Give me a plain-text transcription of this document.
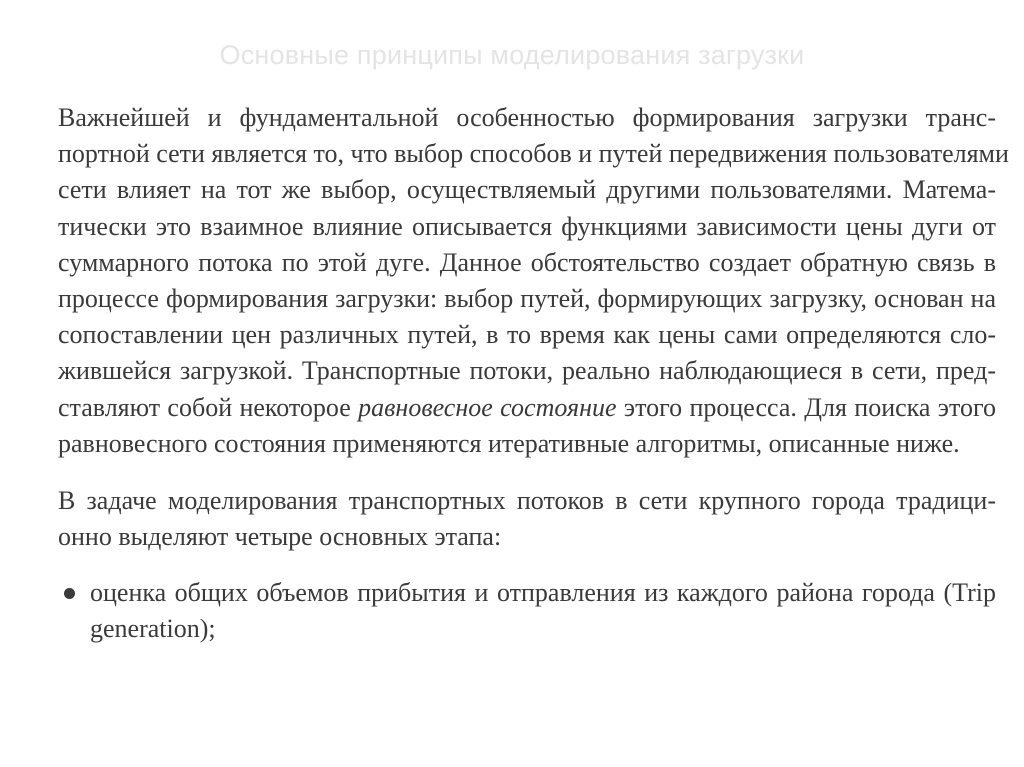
Основные принципы моделирования загрузки
Важнейшей и фундаментальной особенностью формирования загрузки транс-
портной сети является то, что выбор способов и путей передвижения пользователями
сети влияет на тот же выбор, осуществляемый другими пользователями. Матема-
тически это взаимное влияние описывается функциями зависимости цены дуги от
суммарного потока по этой дуге. Данное обстоятельство создает обратную связь в
процессе формирования загрузки: выбор путей, формирующих загрузку, основан на
сопоставлении цен различных путей, в то время как цены сами определяются сло-
жившейся загрузкой. Транспортные потоки, реально наблюдающиеся в сети, пред-
ставляют собой некоторое равновесное состояние этого процесса. Для поиска этого
равновесного состояния применяются итеративные алгоритмы, описанные ниже.
В задаче моделирования транспортных потоков в сети крупного города традици-
онно выделяют четыре основных этапа:
оценка общих объемов прибытия и отправления из каждого района города (Trip
generation);
